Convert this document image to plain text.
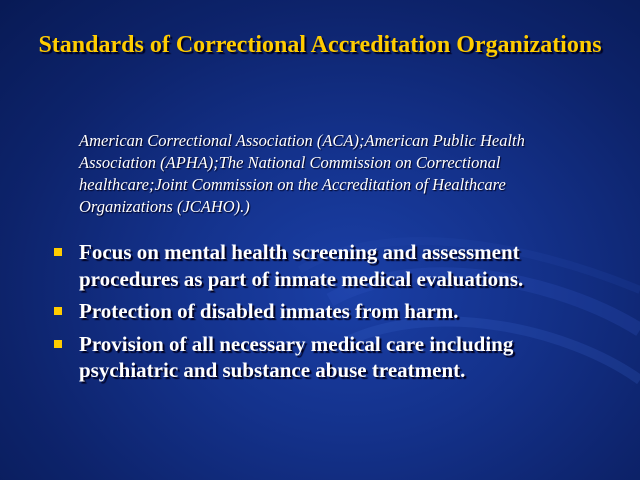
Standards of Correctional Accreditation Organizations
American Correctional Association (ACA);American Public Health Association (APHA);The National Commission on Correctional healthcare;Joint Commission on the Accreditation of Healthcare Organizations (JCAHO).)
Focus on mental health screening and assessment procedures as part of inmate medical evaluations.
Protection of disabled inmates from harm.
Provision of all necessary medical care including psychiatric and substance abuse treatment.
